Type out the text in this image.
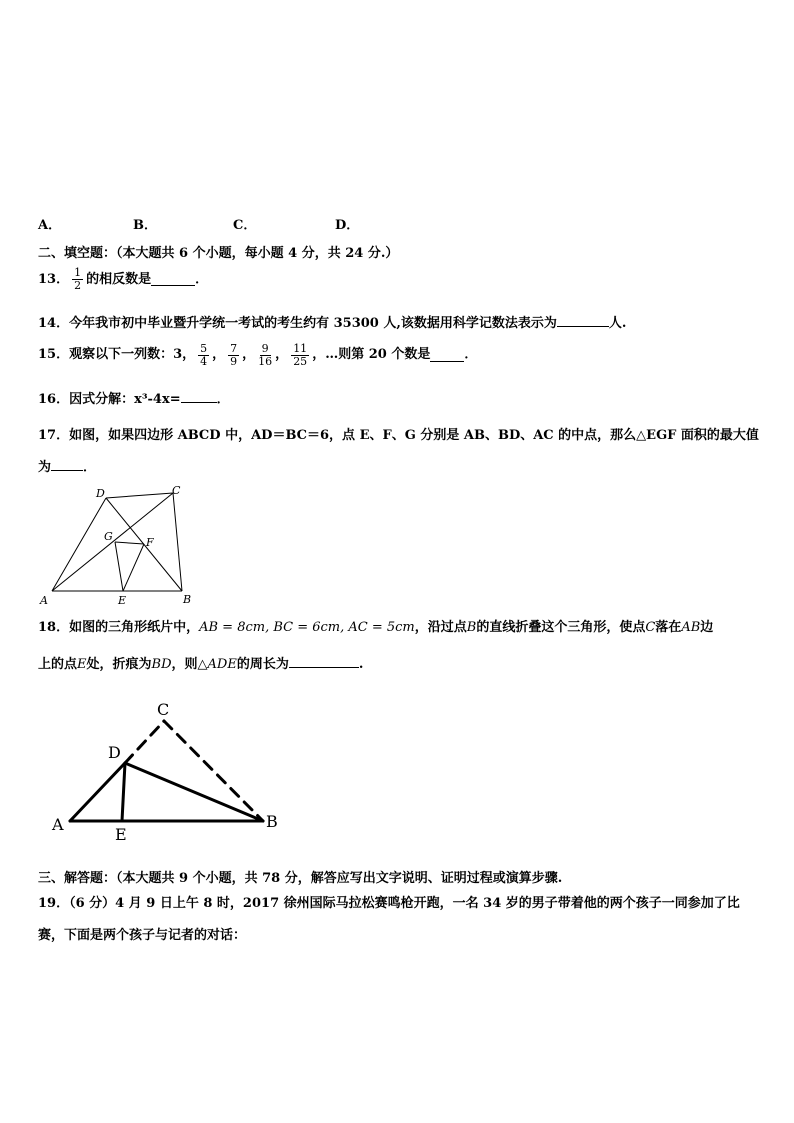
A．	B．	C．	D．
二、填空题：（本大题共 6 个小题，每小题 4 分，共 24 分.）
13． $\frac{1}{2}$ 的相反数是	．
14．今年我市初中毕业暨升学统一考试的考生约有 35300 人,该数据用科学记数法表示为	人.
15．观察以下一列数：3， $\frac{5}{4}$ ， $\frac{7}{9}$ ， $\frac{9}{16}$ ， $\frac{11}{25}$ ，…则第 20 个数是	．
16．因式分解：x³-4x=	．
17．如图，如果四边形 ABCD 中，AD＝BC＝6，点 E、F、G 分别是 AB、BD、AC 的中点，那么△EGF 面积的最大值
为 ．
A	B
C
D
E
F
G
18．如图的三角形纸片中，AB = 8cm, BC = 6cm, AC = 5cm，沿过点B的直线折叠这个三角形，使点C落在AB边
上的点E处，折痕为BD，则△ADE的周长为	.
A	B
C
D
E
三、解答题：（本大题共 9 个小题，共 78 分，解答应写出文字说明、证明过程或演算步骤.
19．（6 分）4 月 9 日上午 8 时，2017 徐州国际马拉松赛鸣枪开跑，一名 34 岁的男子带着他的两个孩子一同参加了比
赛，下面是两个孩子与记者的对话：
